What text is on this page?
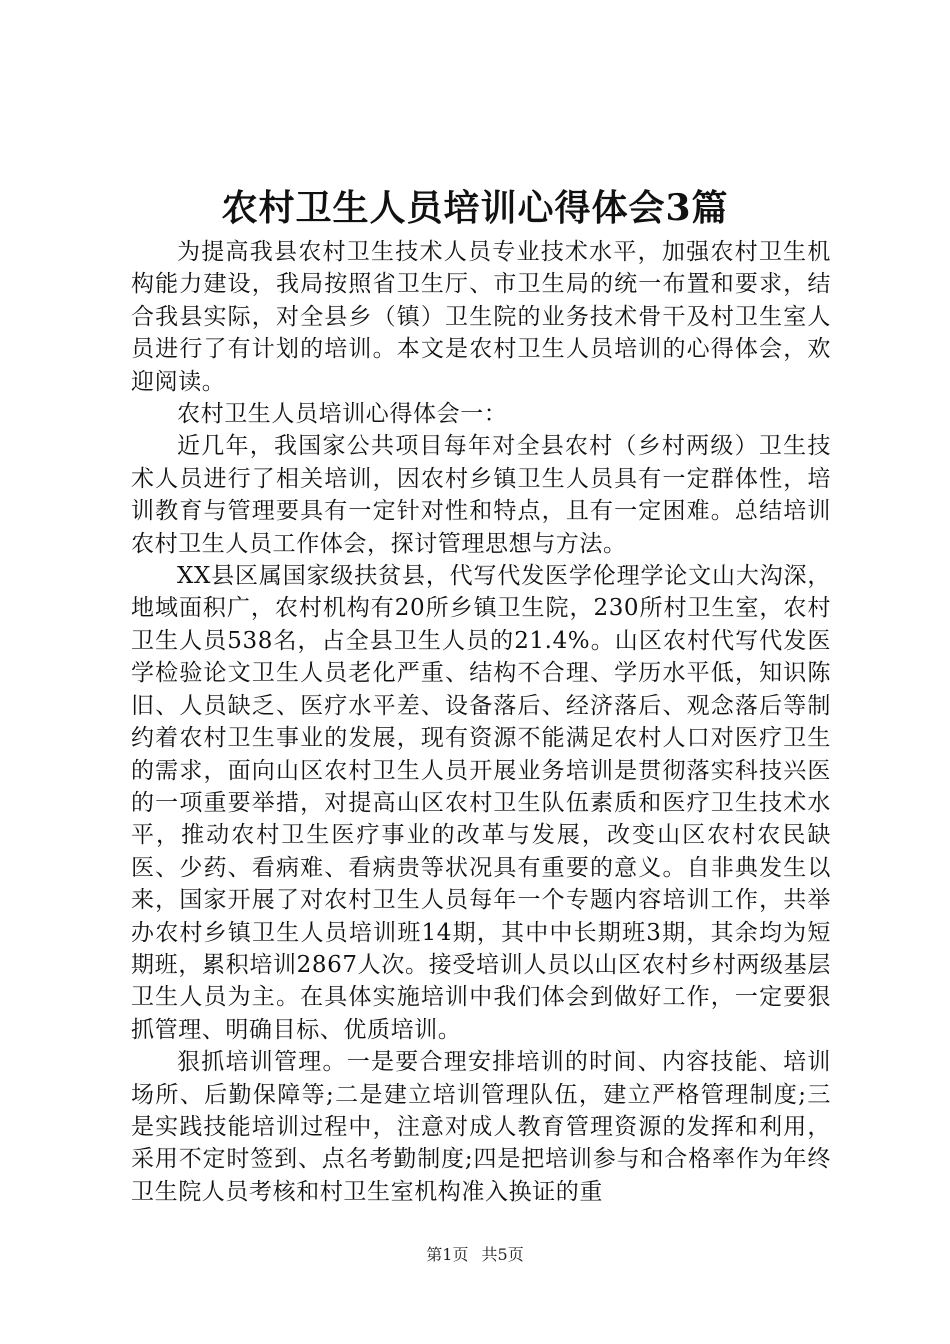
农村卫生人员培训心得体会3篇

为提高我县农村卫生技术人员专业技术水平，加强农村卫生机构能力建设，我局按照省卫生厅、市卫生局的统一布置和要求，结合我县实际，对全县乡（镇）卫生院的业务技术骨干及村卫生室人员进行了有计划的培训。本文是农村卫生人员培训的心得体会，欢迎阅读。

农村卫生人员培训心得体会一：

近几年，我国家公共项目每年对全县农村（乡村两级）卫生技术人员进行了相关培训，因农村乡镇卫生人员具有一定群体性，培训教育与管理要具有一定针对性和特点，且有一定困难。总结培训农村卫生人员工作体会，探讨管理思想与方法。

XX县区属国家级扶贫县，代写代发医学伦理学论文山大沟深，地域面积广，农村机构有20所乡镇卫生院，230所村卫生室，农村卫生人员538名，占全县卫生人员的21.4%。山区农村代写代发医学检验论文卫生人员老化严重、结构不合理、学历水平低，知识陈旧、人员缺乏、医疗水平差、设备落后、经济落后、观念落后等制约着农村卫生事业的发展，现有资源不能满足农村人口对医疗卫生的需求，面向山区农村卫生人员开展业务培训是贯彻落实科技兴医的一项重要举措，对提高山区农村卫生队伍素质和医疗卫生技术水平，推动农村卫生医疗事业的改革与发展，改变山区农村农民缺医、少药、看病难、看病贵等状况具有重要的意义。自非典发生以来，国家开展了对农村卫生人员每年一个专题内容培训工作，共举办农村乡镇卫生人员培训班14期，其中中长期班3期，其余均为短期班，累积培训2867人次。接受培训人员以山区农村乡村两级基层卫生人员为主。在具体实施培训中我们体会到做好工作，一定要狠抓管理、明确目标、优质培训。

狠抓培训管理。一是要合理安排培训的时间、内容技能、培训场所、后勤保障等;二是建立培训管理队伍，建立严格管理制度;三是实践技能培训过程中，注意对成人教育管理资源的发挥和利用，采用不定时签到、点名考勤制度;四是把培训参与和合格率作为年终卫生院人员考核和村卫生室机构准入换证的重

第1页 共5页
